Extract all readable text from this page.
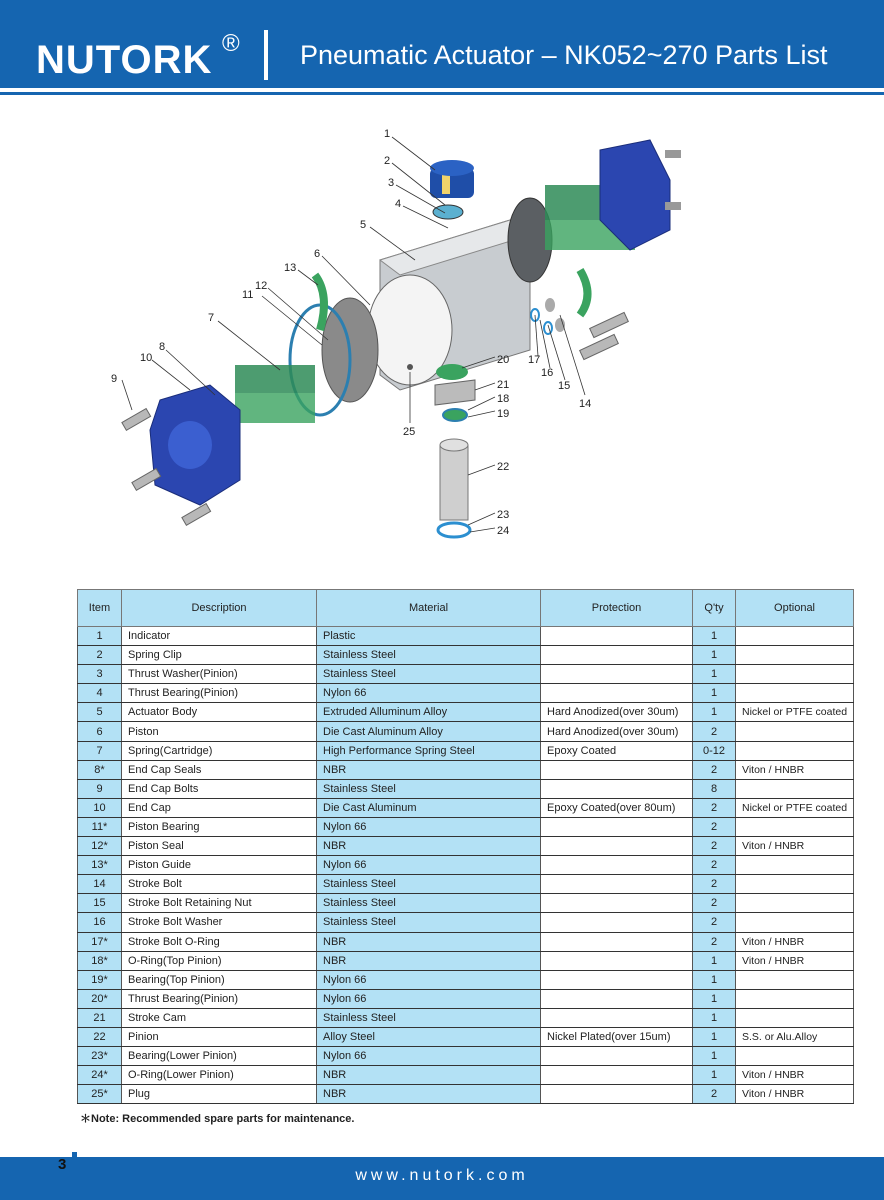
NUTORK ® Pneumatic Actuator – NK052~270 Parts List
1
2
3
4
5
6
7
8
9
10
11
12
13
14
15
16
17
18
19
20
21
22
23
24
25
Item	Description	Material	Protection	Q'ty	Optional
1	Indicator	Plastic		1	
2	Spring Clip	Stainless Steel		1	
3	Thrust Washer(Pinion)	Stainless Steel		1	
4	Thrust Bearing(Pinion)	Nylon 66		1	
5	Actuator Body	Extruded Alluminum Alloy	Hard Anodized(over 30um)	1	Nickel or PTFE coated
6	Piston	Die Cast Aluminum Alloy	Hard Anodized(over 30um)	2	
7	Spring(Cartridge)	High Performance Spring Steel	Epoxy Coated	0-12	
8*	End Cap Seals	NBR		2	Viton / HNBR
9	End Cap Bolts	Stainless Steel		8	
10	End Cap	Die Cast Aluminum	Epoxy Coated(over 80um)	2	Nickel or PTFE coated
11*	Piston Bearing	Nylon 66		2	
12*	Piston Seal	NBR		2	Viton / HNBR
13*	Piston Guide	Nylon 66		2	
14	Stroke Bolt	Stainless Steel		2	
15	Stroke Bolt Retaining Nut	Stainless Steel		2	
16	Stroke Bolt Washer	Stainless Steel		2	
17*	Stroke Bolt O-Ring	NBR		2	Viton / HNBR
18*	O-Ring(Top Pinion)	NBR		1	Viton / HNBR
19*	Bearing(Top Pinion)	Nylon 66		1	
20*	Thrust Bearing(Pinion)	Nylon 66		1	
21	Stroke Cam	Stainless Steel		1	
22	Pinion	Alloy Steel	Nickel Plated(over 15um)	1	S.S. or Alu.Alloy
23*	Bearing(Lower Pinion)	Nylon 66		1	
24*	O-Ring(Lower Pinion)	NBR		1	Viton / HNBR
25*	Plug	NBR		2	Viton / HNBR
＊Note: Recommended spare parts for maintenance.
3
www.nutork.com
